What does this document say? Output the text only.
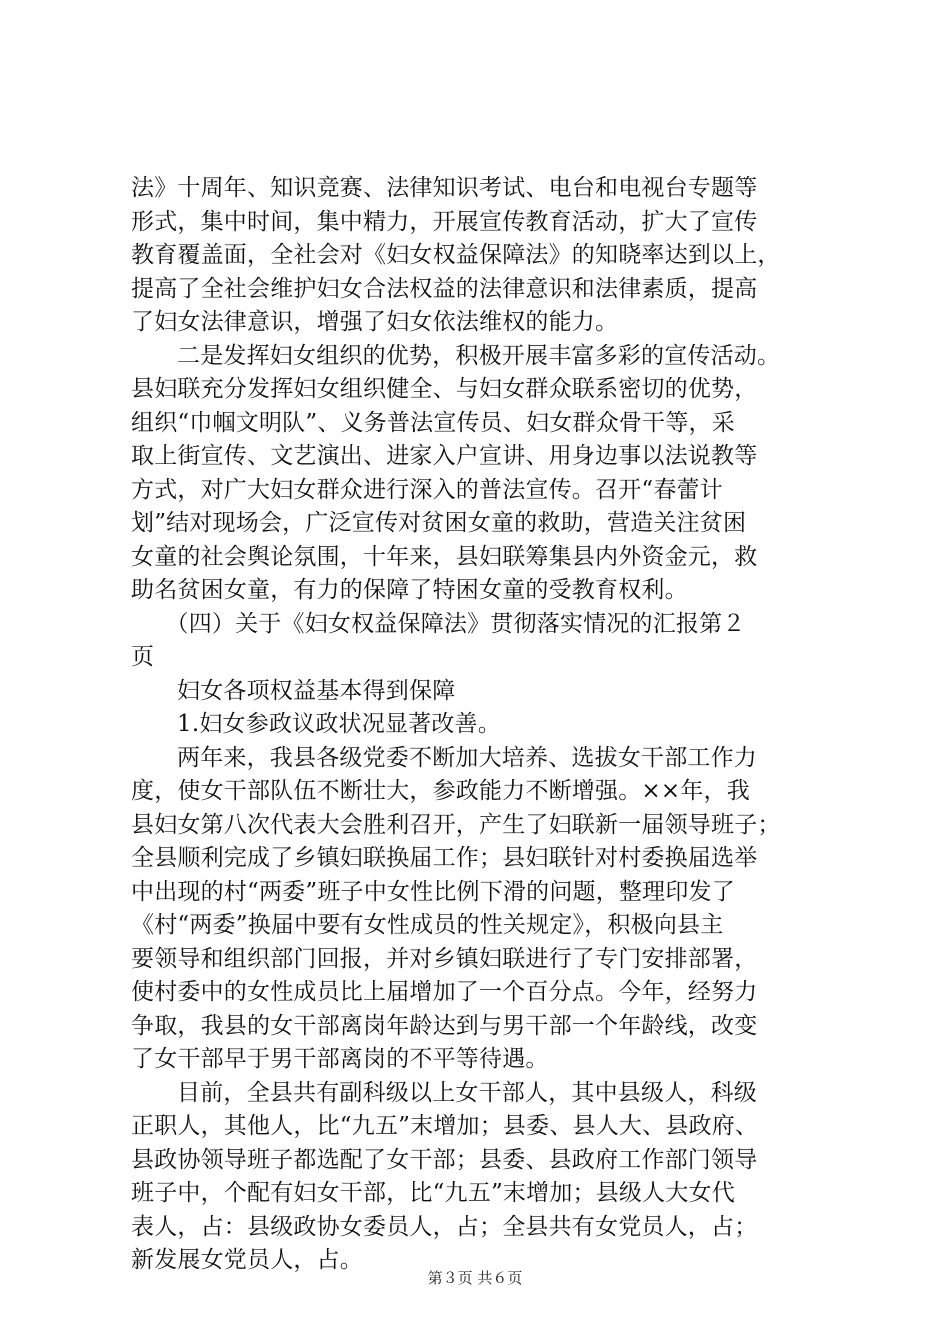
法》十周年、知识竞赛、法律知识考试、电台和电视台专题等
形式，集中时间，集中精力，开展宣传教育活动，扩大了宣传
教育覆盖面，全社会对《妇女权益保障法》的知晓率达到以上，
提高了全社会维护妇女合法权益的法律意识和法律素质，提高
了妇女法律意识，增强了妇女依法维权的能力。
二是发挥妇女组织的优势，积极开展丰富多彩的宣传活动。
县妇联充分发挥妇女组织健全、与妇女群众联系密切的优势，
组织“巾帼文明队”、义务普法宣传员、妇女群众骨干等，采
取上街宣传、文艺演出、进家入户宣讲、用身边事以法说教等
方式，对广大妇女群众进行深入的普法宣传。召开“春蕾计
划”结对现场会，广泛宣传对贫困女童的救助，营造关注贫困
女童的社会舆论氛围，十年来，县妇联筹集县内外资金元，救
助名贫困女童，有力的保障了特困女童的受教育权利。
（四）关于《妇女权益保障法》贯彻落实情况的汇报第２
页
妇女各项权益基本得到保障
1.妇女参政议政状况显著改善。
两年来，我县各级党委不断加大培养、选拔女干部工作力
度，使女干部队伍不断壮大，参政能力不断增强。××年，我
县妇女第八次代表大会胜利召开，产生了妇联新一届领导班子；
全县顺利完成了乡镇妇联换届工作；县妇联针对村委换届选举
中出现的村“两委”班子中女性比例下滑的问题，整理印发了
《村“两委”换届中要有女性成员的性关规定》，积极向县主
要领导和组织部门回报，并对乡镇妇联进行了专门安排部署，
使村委中的女性成员比上届增加了一个百分点。今年，经努力
争取，我县的女干部离岗年龄达到与男干部一个年龄线，改变
了女干部早于男干部离岗的不平等待遇。
目前，全县共有副科级以上女干部人，其中县级人，科级
正职人，其他人，比“九五”末增加；县委、县人大、县政府、
县政协领导班子都选配了女干部；县委、县政府工作部门领导
班子中，个配有妇女干部，比“九五”末增加；县级人大女代
表人，占：县级政协女委员人，占；全县共有女党员人，占；
新发展女党员人，占。
第３页 共６页
